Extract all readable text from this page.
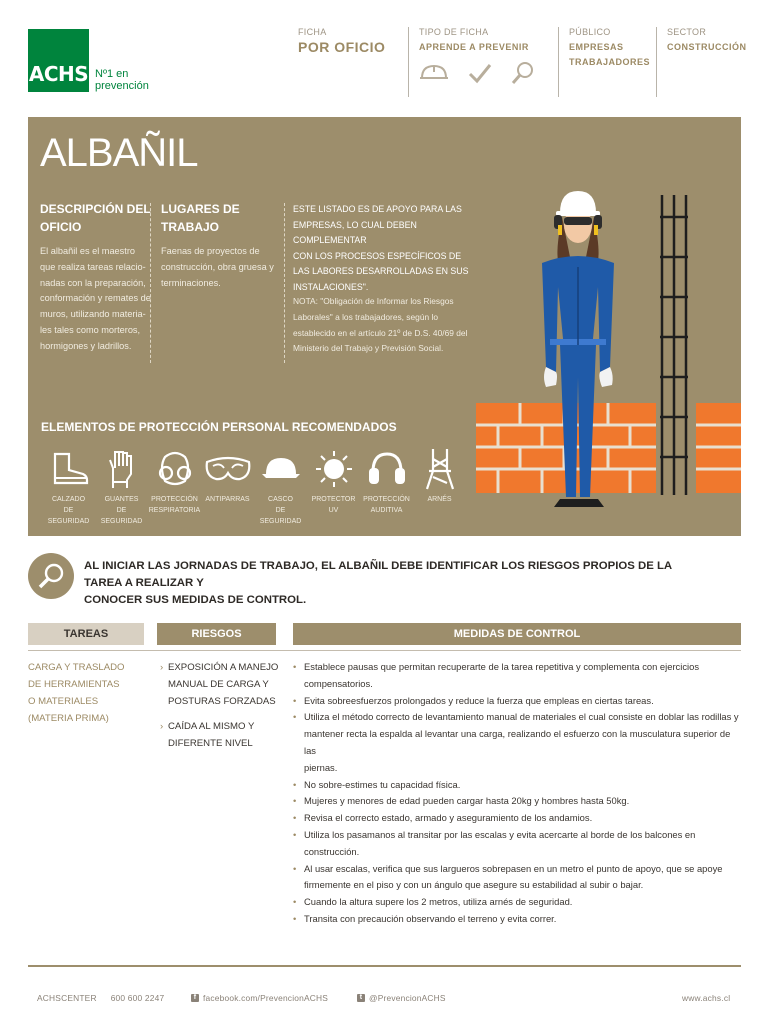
ACHS Nº1 en
prevención
FICHA
POR OFICIO
TIPO DE FICHA
APRENDE A PREVENIR
PÚBLICO
EMPRESAS
TRABAJADORES
SECTOR
CONSTRUCCIÓN
ALBAÑIL
DESCRIPCIÓN DEL
OFICIO
El albañil es el maestro
que realiza tareas relacio-
nadas con la preparación,
conformación y remates de
muros, utilizando materia-
les tales como morteros,
hormigones y ladrillos.
LUGARES DE
TRABAJO
Faenas de proyectos de
construcción, obra gruesa y
terminaciones.
ESTE LISTADO ES DE APOYO PARA LAS
EMPRESAS, LO CUAL DEBEN COMPLEMENTAR
CON LOS PROCESOS ESPECÍFICOS DE
LAS LABORES DESARROLLADAS EN SUS
INSTALACIONES".
NOTA: "Obligación de Informar los Riesgos
Laborales" a los trabajadores, según lo
establecido en el artículo 21º de D.S. 40/69 del
Ministerio del Trabajo y Previsión Social.
ELEMENTOS DE PROTECCIÓN PERSONAL RECOMENDADOS
CALZADO
DE SEGURIDAD
GUANTES
DE SEGURIDAD
PROTECCIÓN
RESPIRATORIA
ANTIPARRAS	CASCO
DE SEGURIDAD
PROTECTOR
UV
PROTECCIÓN
AUDITIVA
ARNÉS
AL INICIAR LAS JORNADAS DE TRABAJO, EL ALBAÑIL DEBE IDENTIFICAR LOS RIESGOS PROPIOS DE LA TAREA A REALIZAR Y
CONOCER SUS MEDIDAS DE CONTROL.
TAREAS	RIESGOS	MEDIDAS DE CONTROL
CARGA Y TRASLADO
DE HERRAMIENTAS
O MATERIALES
(MATERIA PRIMA)
› EXPOSICIÓN A MANEJO
MANUAL DE CARGA Y
POSTURAS FORZADAS
› CAÍDA AL MISMO Y
DIFERENTE NIVEL
• Establece pausas que permitan recuperarte de la tarea repetitiva y complementa con ejercicios
compensatorios.
• Evita sobreesfuerzos prolongados y reduce la fuerza que empleas en ciertas tareas.
• Utiliza el método correcto de levantamiento manual de materiales el cual consiste en doblar las rodillas y
mantener recta la espalda al levantar una carga, realizando el esfuerzo con la musculatura superior de las
piernas.
• No sobre-estimes tu capacidad física.
• Mujeres y menores de edad pueden cargar hasta 20kg y hombres hasta 50kg.
• Revisa el correcto estado, armado y aseguramiento de los andamios.
• Utiliza los pasamanos al transitar por las escalas y evita acercarte al borde de los balcones en construcción.
• Al usar escalas, verifica que sus largueros sobrepasen en un metro el punto de apoyo, que se apoye
firmemente en el piso y con un ángulo que asegure su estabilidad al subir o bajar.
• Cuando la altura supere los 2 metros, utiliza arnés de seguridad.
• Transita con precaución observando el terreno y evita correr.
ACHSCENTER 600 600 2247	f facebook.com/PrevencionACHS	t @PrevencionACHS	www.achs.cl
